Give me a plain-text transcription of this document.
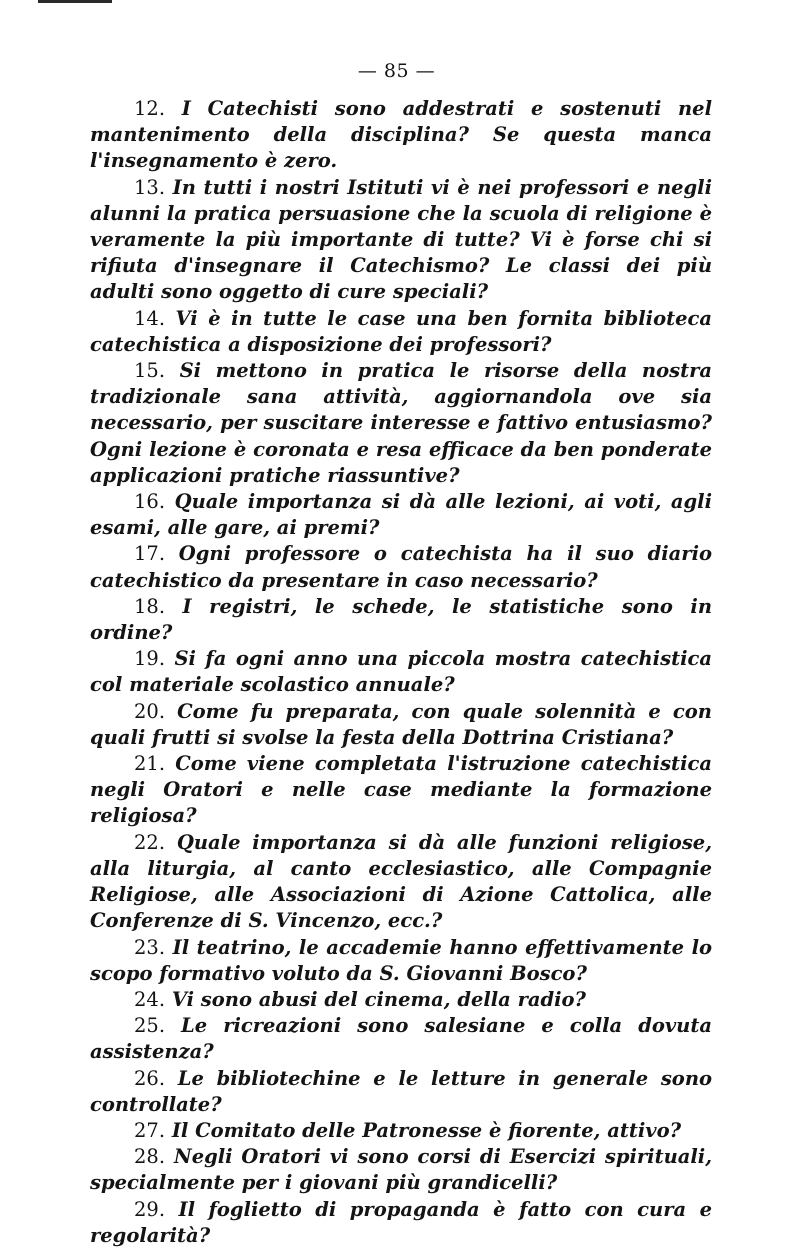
— 85 —

12. I Catechisti sono addestrati e sostenuti nel mantenimento della disciplina? Se questa manca l'insegnamento è zero.

13. In tutti i nostri Istituti vi è nei professori e negli alunni la pratica persuasione che la scuola di religione è veramente la più importante di tutte? Vi è forse chi si rifiuta d'insegnare il Catechismo? Le classi dei più adulti sono oggetto di cure speciali?

14. Vi è in tutte le case una ben fornita biblioteca catechistica a disposizione dei professori?

15. Si mettono in pratica le risorse della nostra tradizionale sana attività, aggiornandola ove sia necessario, per suscitare interesse e fattivo entusiasmo? Ogni lezione è coronata e resa efficace da ben ponderate applicazioni pratiche riassuntive?

16. Quale importanza si dà alle lezioni, ai voti, agli esami, alle gare, ai premi?

17. Ogni professore o catechista ha il suo diario catechistico da presentare in caso necessario?

18. I registri, le schede, le statistiche sono in ordine?

19. Si fa ogni anno una piccola mostra catechistica col materiale scolastico annuale?

20. Come fu preparata, con quale solennità e con quali frutti si svolse la festa della Dottrina Cristiana?

21. Come viene completata l'istruzione catechistica negli Oratori e nelle case mediante la formazione religiosa?

22. Quale importanza si dà alle funzioni religiose, alla liturgia, al canto ecclesiastico, alle Compagnie Religiose, alle Associazioni di Azione Cattolica, alle Conferenze di S. Vincenzo, ecc.?

23. Il teatrino, le accademie hanno effettivamente lo scopo formativo voluto da S. Giovanni Bosco?

24. Vi sono abusi del cinema, della radio?

25. Le ricreazioni sono salesiane e colla dovuta assistenza?

26. Le bibliotechine e le letture in generale sono controllate?

27. Il Comitato delle Patronesse è fiorente, attivo?

28. Negli Oratori vi sono corsi di Esercizi spirituali, specialmente per i giovani più grandicelli?

29. Il foglietto di propaganda è fatto con cura e regolarità?
